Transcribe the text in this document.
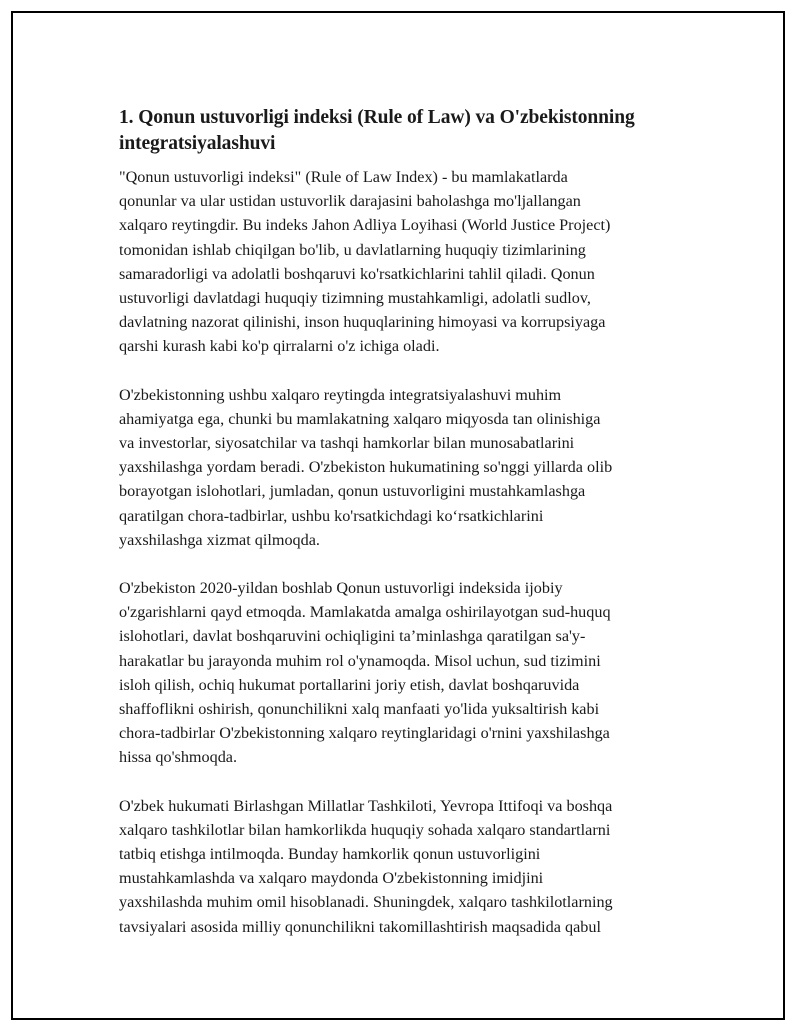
1. Qonun ustuvorligi indeksi (Rule of Law) va O'zbekistonning
integratsiyalashuvi

"Qonun ustuvorligi indeksi" (Rule of Law Index) - bu mamlakatlarda
qonunlar va ular ustidan ustuvorlik darajasini baholashga mo'ljallangan
xalqaro reytingdir. Bu indeks Jahon Adliya Loyihasi (World Justice Project)
tomonidan ishlab chiqilgan bo'lib, u davlatlarning huquqiy tizimlarining
samaradorligi va adolatli boshqaruvi ko'rsatkichlarini tahlil qiladi. Qonun
ustuvorligi davlatdagi huquqiy tizimning mustahkamligi, adolatli sudlov,
davlatning nazorat qilinishi, inson huquqlarining himoyasi va korrupsiyaga
qarshi kurash kabi ko'p qirralarni o'z ichiga oladi.

O'zbekistonning ushbu xalqaro reytingda integratsiyalashuvi muhim
ahamiyatga ega, chunki bu mamlakatning xalqaro miqyosda tan olinishiga
va investorlar, siyosatchilar va tashqi hamkorlar bilan munosabatlarini
yaxshilashga yordam beradi. O'zbekiston hukumatining so'nggi yillarda olib
borayotgan islohotlari, jumladan, qonun ustuvorligini mustahkamlashga
qaratilgan chora-tadbirlar, ushbu ko'rsatkichdagi ko‘rsatkichlarini
yaxshilashga xizmat qilmoqda.

O'zbekiston 2020-yildan boshlab Qonun ustuvorligi indeksida ijobiy
o'zgarishlarni qayd etmoqda. Mamlakatda amalga oshirilayotgan sud-huquq
islohotlari, davlat boshqaruvini ochiqligini ta’minlashga qaratilgan sa'y-
harakatlar bu jarayonda muhim rol o'ynamoqda. Misol uchun, sud tizimini
isloh qilish, ochiq hukumat portallarini joriy etish, davlat boshqaruvida
shaffoflikni oshirish, qonunchilikni xalq manfaati yo'lida yuksaltirish kabi
chora-tadbirlar O'zbekistonning xalqaro reytinglaridagi o'rnini yaxshilashga
hissa qo'shmoqda.

O'zbek hukumati Birlashgan Millatlar Tashkiloti, Yevropa Ittifoqi va boshqa
xalqaro tashkilotlar bilan hamkorlikda huquqiy sohada xalqaro standartlarni
tatbiq etishga intilmoqda. Bunday hamkorlik qonun ustuvorligini
mustahkamlashda va xalqaro maydonda O'zbekistonning imidjini
yaxshilashda muhim omil hisoblanadi. Shuningdek, xalqaro tashkilotlarning
tavsiyalari asosida milliy qonunchilikni takomillashtirish maqsadida qabul
